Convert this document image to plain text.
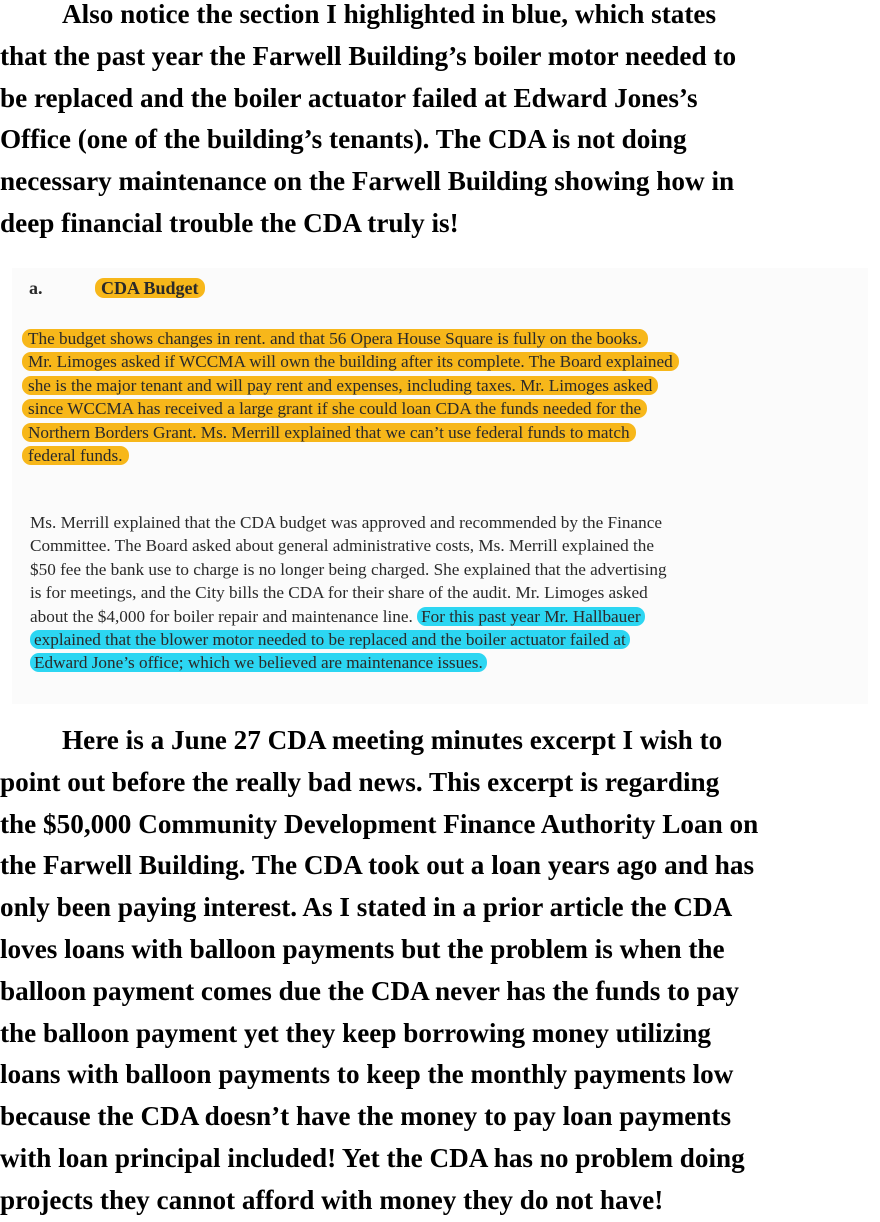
Also notice the section I highlighted in blue, which states
that the past year the Farwell Building’s boiler motor needed to
be replaced and the boiler actuator failed at Edward Jones’s
Office (one of the building’s tenants). The CDA is not doing
necessary maintenance on the Farwell Building showing how in
deep financial trouble the CDA truly is!
a.	CDA Budget
The budget shows changes in rent. and that 56 Opera House Square is fully on the books.
Mr. Limoges asked if WCCMA will own the building after its complete. The Board explained
she is the major tenant and will pay rent and expenses, including taxes. Mr. Limoges asked
since WCCMA has received a large grant if she could loan CDA the funds needed for the
Northern Borders Grant. Ms. Merrill explained that we can’t use federal funds to match
federal funds.
Ms. Merrill explained that the CDA budget was approved and recommended by the Finance
Committee. The Board asked about general administrative costs, Ms. Merrill explained the
$50 fee the bank use to charge is no longer being charged. She explained that the advertising
is for meetings, and the City bills the CDA for their share of the audit. Mr. Limoges asked
about the $4,000 for boiler repair and maintenance line. For this past year Mr. Hallbauer
explained that the blower motor needed to be replaced and the boiler actuator failed at
Edward Jone’s office; which we believed are maintenance issues.
Here is a June 27 CDA meeting minutes excerpt I wish to
point out before the really bad news. This excerpt is regarding
the $50,000 Community Development Finance Authority Loan on
the Farwell Building. The CDA took out a loan years ago and has
only been paying interest. As I stated in a prior article the CDA
loves loans with balloon payments but the problem is when the
balloon payment comes due the CDA never has the funds to pay
the balloon payment yet they keep borrowing money utilizing
loans with balloon payments to keep the monthly payments low
because the CDA doesn’t have the money to pay loan payments
with loan principal included! Yet the CDA has no problem doing
projects they cannot afford with money they do not have!
